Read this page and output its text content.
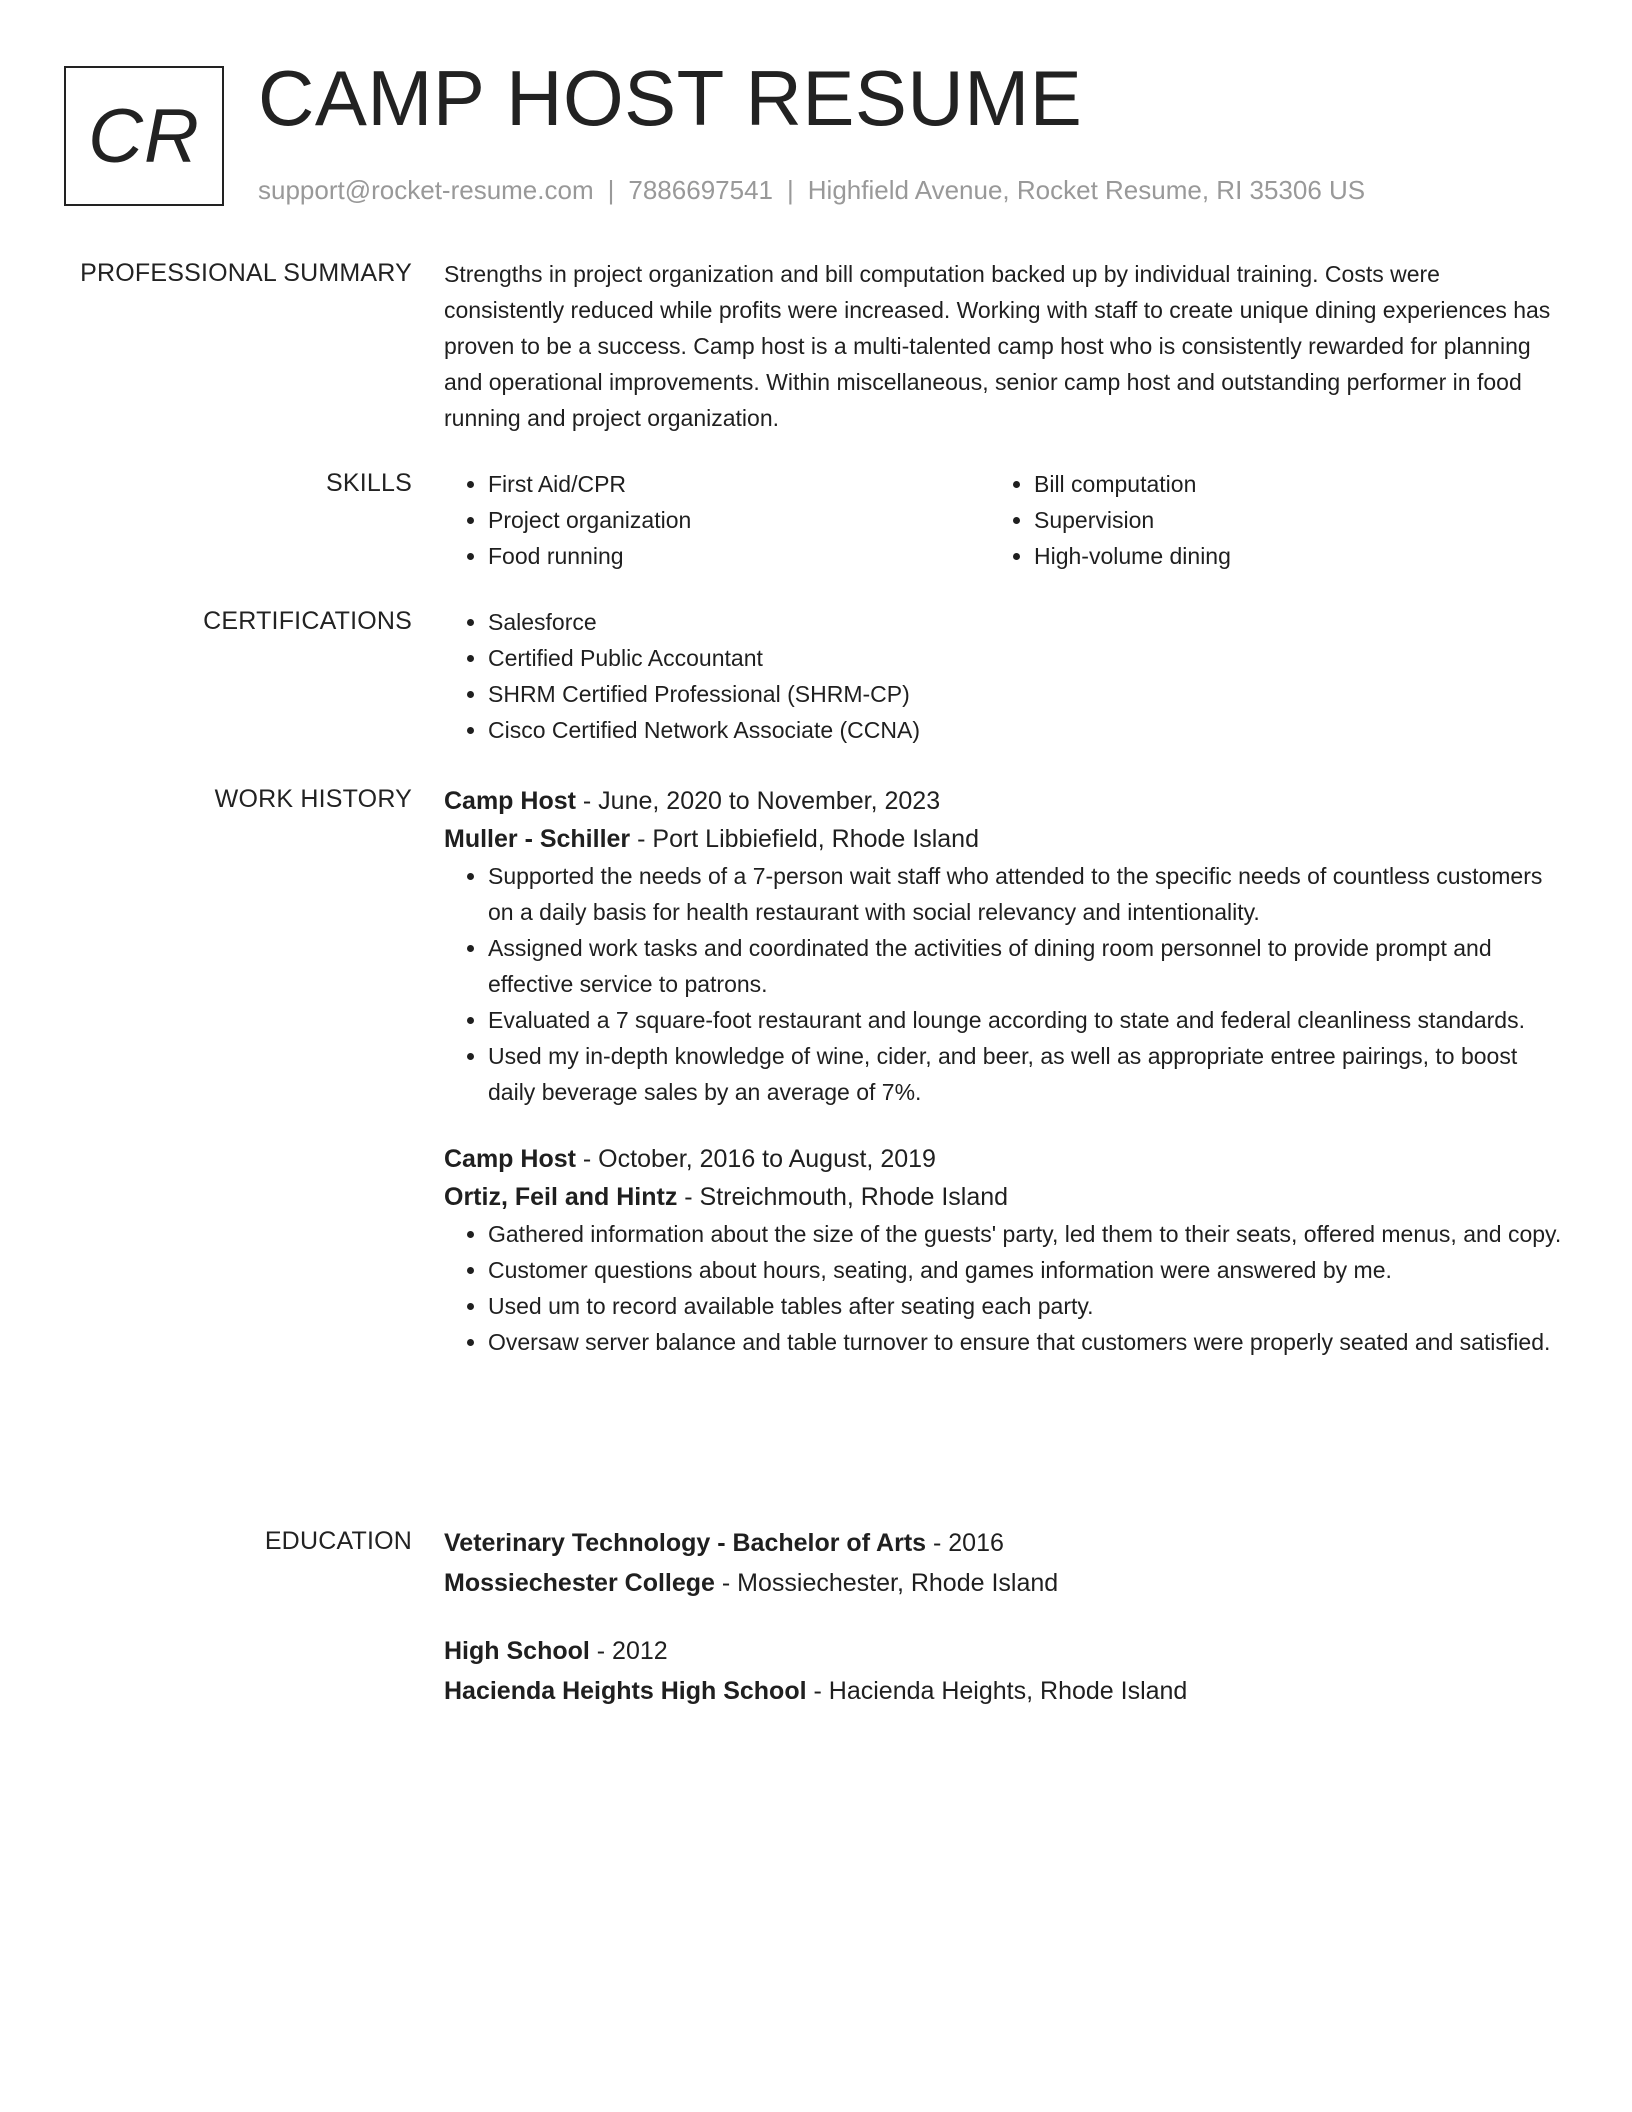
CR CAMP HOST RESUME
support@rocket-resume.com | 7886697541 | Highfield Avenue, Rocket Resume, RI 35306 US
PROFESSIONAL SUMMARY Strengths in project organization and bill computation backed up by individual training. Costs were consistently reduced while profits were increased. Working with staff to create unique dining experiences has proven to be a success. Camp host is a multi-talented camp host who is consistently rewarded for planning and operational improvements. Within miscellaneous, senior camp host and outstanding performer in food running and project organization.

SKILLS	• First Aid/CPR
• Project organization
• Food running
• Bill computation
• Supervision
• High-volume dining
CERTIFICATIONS	• Salesforce
• Certified Public Accountant
• SHRM Certified Professional (SHRM-CP)
• Cisco Certified Network Associate (CCNA)
WORK HISTORY Camp Host - June, 2020 to November, 2023
Muller - Schiller - Port Libbiefield, Rhode Island
• Supported the needs of a 7-person wait staff who attended to the specific needs of countless customers on a daily basis for health restaurant with social relevancy and intentionality.
• Assigned work tasks and coordinated the activities of dining room personnel to provide prompt and effective service to patrons.
• Evaluated a 7 square-foot restaurant and lounge according to state and federal cleanliness standards.
• Used my in-depth knowledge of wine, cider, and beer, as well as appropriate entree pairings, to boost daily beverage sales by an average of 7%.
Camp Host - October, 2016 to August, 2019
Ortiz, Feil and Hintz - Streichmouth, Rhode Island
• Gathered information about the size of the guests' party, led them to their seats, offered menus, and copy.
• Customer questions about hours, seating, and games information were answered by me.
• Used um to record available tables after seating each party.
• Oversaw server balance and table turnover to ensure that customers were properly seated and satisfied.
EDUCATION Veterinary Technology - Bachelor of Arts - 2016
Mossiechester College - Mossiechester, Rhode Island
High School - 2012
Hacienda Heights High School - Hacienda Heights, Rhode Island
